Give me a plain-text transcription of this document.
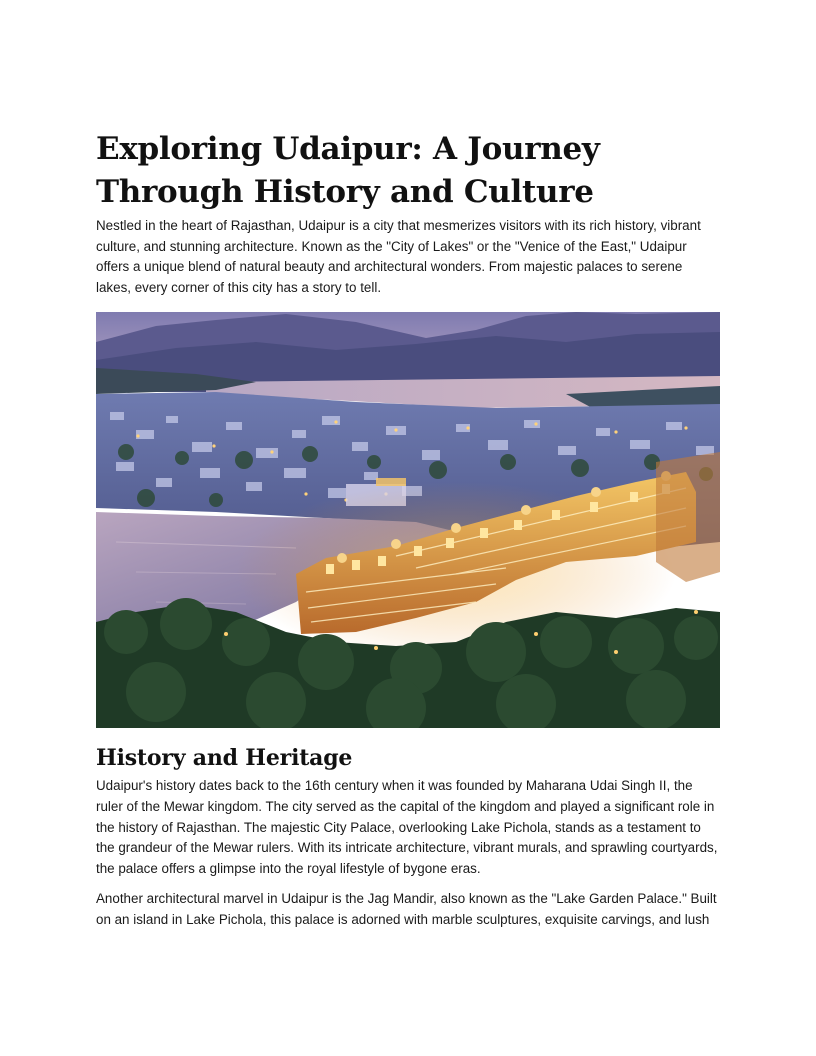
Exploring Udaipur: A Journey Through History and Culture

Nestled in the heart of Rajasthan, Udaipur is a city that mesmerizes visitors with its rich history, vibrant culture, and stunning architecture. Known as the "City of Lakes" or the "Venice of the East," Udaipur offers a unique blend of natural beauty and architectural wonders. From majestic palaces to serene lakes, every corner of this city has a story to tell.

History and Heritage

Udaipur's history dates back to the 16th century when it was founded by Maharana Udai Singh II, the ruler of the Mewar kingdom. The city served as the capital of the kingdom and played a significant role in the history of Rajasthan. The majestic City Palace, overlooking Lake Pichola, stands as a testament to the grandeur of the Mewar rulers. With its intricate architecture, vibrant murals, and sprawling courtyards, the palace offers a glimpse into the royal lifestyle of bygone eras.

Another architectural marvel in Udaipur is the Jag Mandir, also known as the "Lake Garden Palace." Built on an island in Lake Pichola, this palace is adorned with marble sculptures, exquisite carvings, and lush
